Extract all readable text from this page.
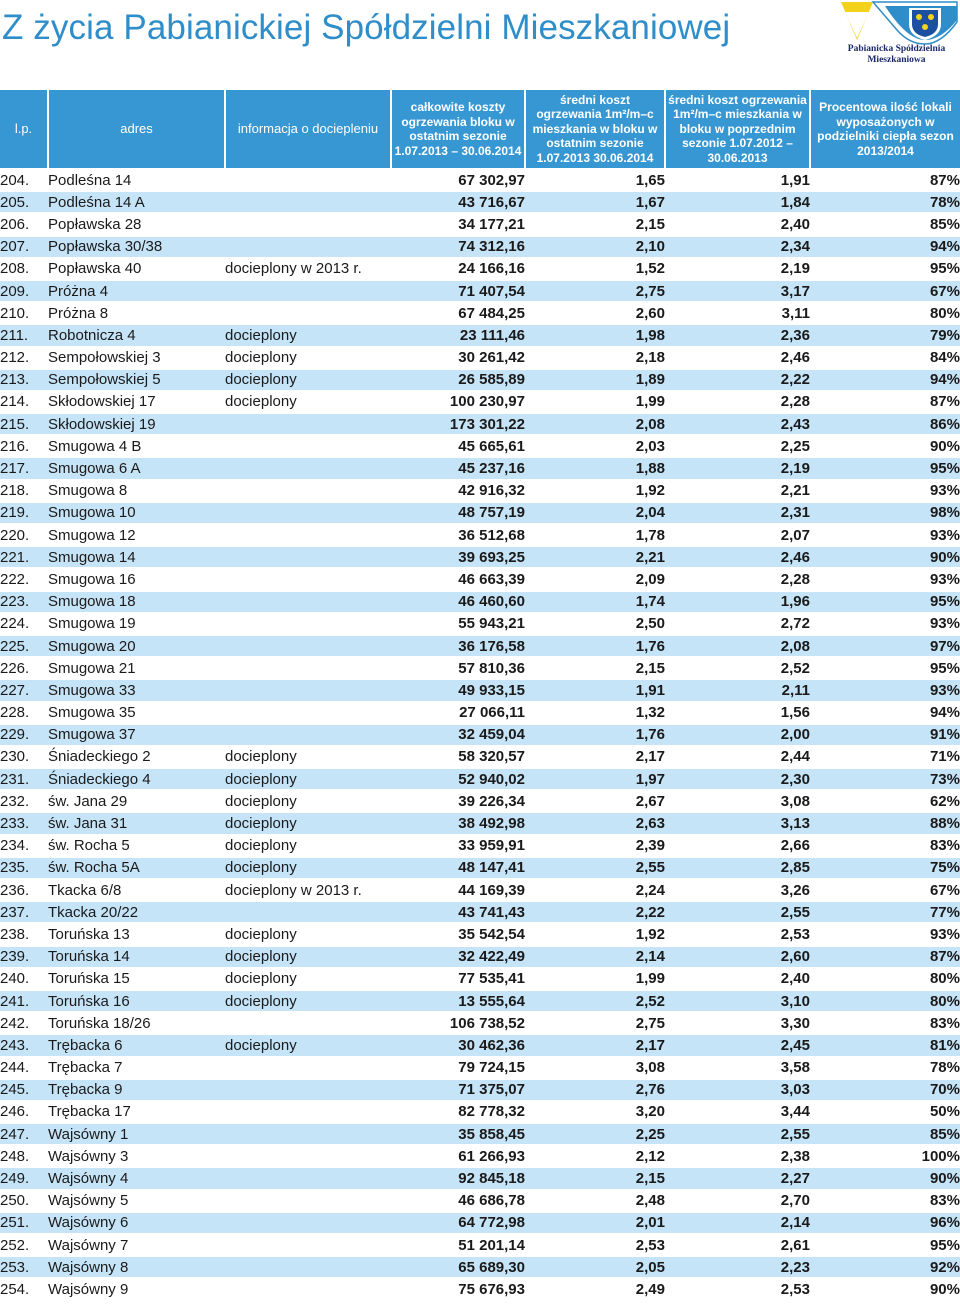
Z życia Pabianickiej Spółdzielni Mieszkaniowej
Pabianicka Spółdzielnia
Mieszkaniowa
l.p.	adres	informacja o dociepleniu	całkowite koszty ogrzewania bloku w ostatnim sezonie 1.07.2013 – 30.06.2014	średni koszt ogrzewania 1m²/m–c mieszkania w bloku w ostatnim sezonie 1.07.2013 30.06.2014	średni koszt ogrzewania 1m²/m–c mieszkania w bloku w poprzednim sezonie 1.07.2012 – 30.06.2013	Procentowa ilość lokali wyposażonych w podzielniki ciepła sezon 2013/2014
204.	Podleśna 14		67 302,97	1,65	1,91	87%
205.	Podleśna 14 A		43 716,67	1,67	1,84	78%
206.	Popławska 28		34 177,21	2,15	2,40	85%
207.	Popławska 30/38		74 312,16	2,10	2,34	94%
208.	Popławska 40	docieplony w 2013 r.	24 166,16	1,52	2,19	95%
209.	Próżna 4		71 407,54	2,75	3,17	67%
210.	Próżna 8		67 484,25	2,60	3,11	80%
211.	Robotnicza 4	docieplony	23 111,46	1,98	2,36	79%
212.	Sempołowskiej 3	docieplony	30 261,42	2,18	2,46	84%
213.	Sempołowskiej 5	docieplony	26 585,89	1,89	2,22	94%
214.	Skłodowskiej 17	docieplony	100 230,97	1,99	2,28	87%
215.	Skłodowskiej 19		173 301,22	2,08	2,43	86%
216.	Smugowa 4 B		45 665,61	2,03	2,25	90%
217.	Smugowa 6 A		45 237,16	1,88	2,19	95%
218.	Smugowa 8		42 916,32	1,92	2,21	93%
219.	Smugowa 10		48 757,19	2,04	2,31	98%
220.	Smugowa 12		36 512,68	1,78	2,07	93%
221.	Smugowa 14		39 693,25	2,21	2,46	90%
222.	Smugowa 16		46 663,39	2,09	2,28	93%
223.	Smugowa 18		46 460,60	1,74	1,96	95%
224.	Smugowa 19		55 943,21	2,50	2,72	93%
225.	Smugowa 20		36 176,58	1,76	2,08	97%
226.	Smugowa 21		57 810,36	2,15	2,52	95%
227.	Smugowa 33		49 933,15	1,91	2,11	93%
228.	Smugowa 35		27 066,11	1,32	1,56	94%
229.	Smugowa 37		32 459,04	1,76	2,00	91%
230.	Śniadeckiego 2	docieplony	58 320,57	2,17	2,44	71%
231.	Śniadeckiego 4	docieplony	52 940,02	1,97	2,30	73%
232.	św. Jana 29	docieplony	39 226,34	2,67	3,08	62%
233.	św. Jana 31	docieplony	38 492,98	2,63	3,13	88%
234.	św. Rocha 5	docieplony	33 959,91	2,39	2,66	83%
235.	św. Rocha 5A	docieplony	48 147,41	2,55	2,85	75%
236.	Tkacka 6/8	docieplony w 2013 r.	44 169,39	2,24	3,26	67%
237.	Tkacka 20/22		43 741,43	2,22	2,55	77%
238.	Toruńska 13	docieplony	35 542,54	1,92	2,53	93%
239.	Toruńska 14	docieplony	32 422,49	2,14	2,60	87%
240.	Toruńska 15	docieplony	77 535,41	1,99	2,40	80%
241.	Toruńska 16	docieplony	13 555,64	2,52	3,10	80%
242.	Toruńska 18/26		106 738,52	2,75	3,30	83%
243.	Trębacka 6	docieplony	30 462,36	2,17	2,45	81%
244.	Trębacka 7		79 724,15	3,08	3,58	78%
245.	Trębacka 9		71 375,07	2,76	3,03	70%
246.	Trębacka 17		82 778,32	3,20	3,44	50%
247.	Wajsówny 1		35 858,45	2,25	2,55	85%
248.	Wajsówny 3		61 266,93	2,12	2,38	100%
249.	Wajsówny 4		92 845,18	2,15	2,27	90%
250.	Wajsówny 5		46 686,78	2,48	2,70	83%
251.	Wajsówny 6		64 772,98	2,01	2,14	96%
252.	Wajsówny 7		51 201,14	2,53	2,61	95%
253.	Wajsówny 8		65 689,30	2,05	2,23	92%
254.	Wajsówny 9		75 676,93	2,49	2,53	90%
